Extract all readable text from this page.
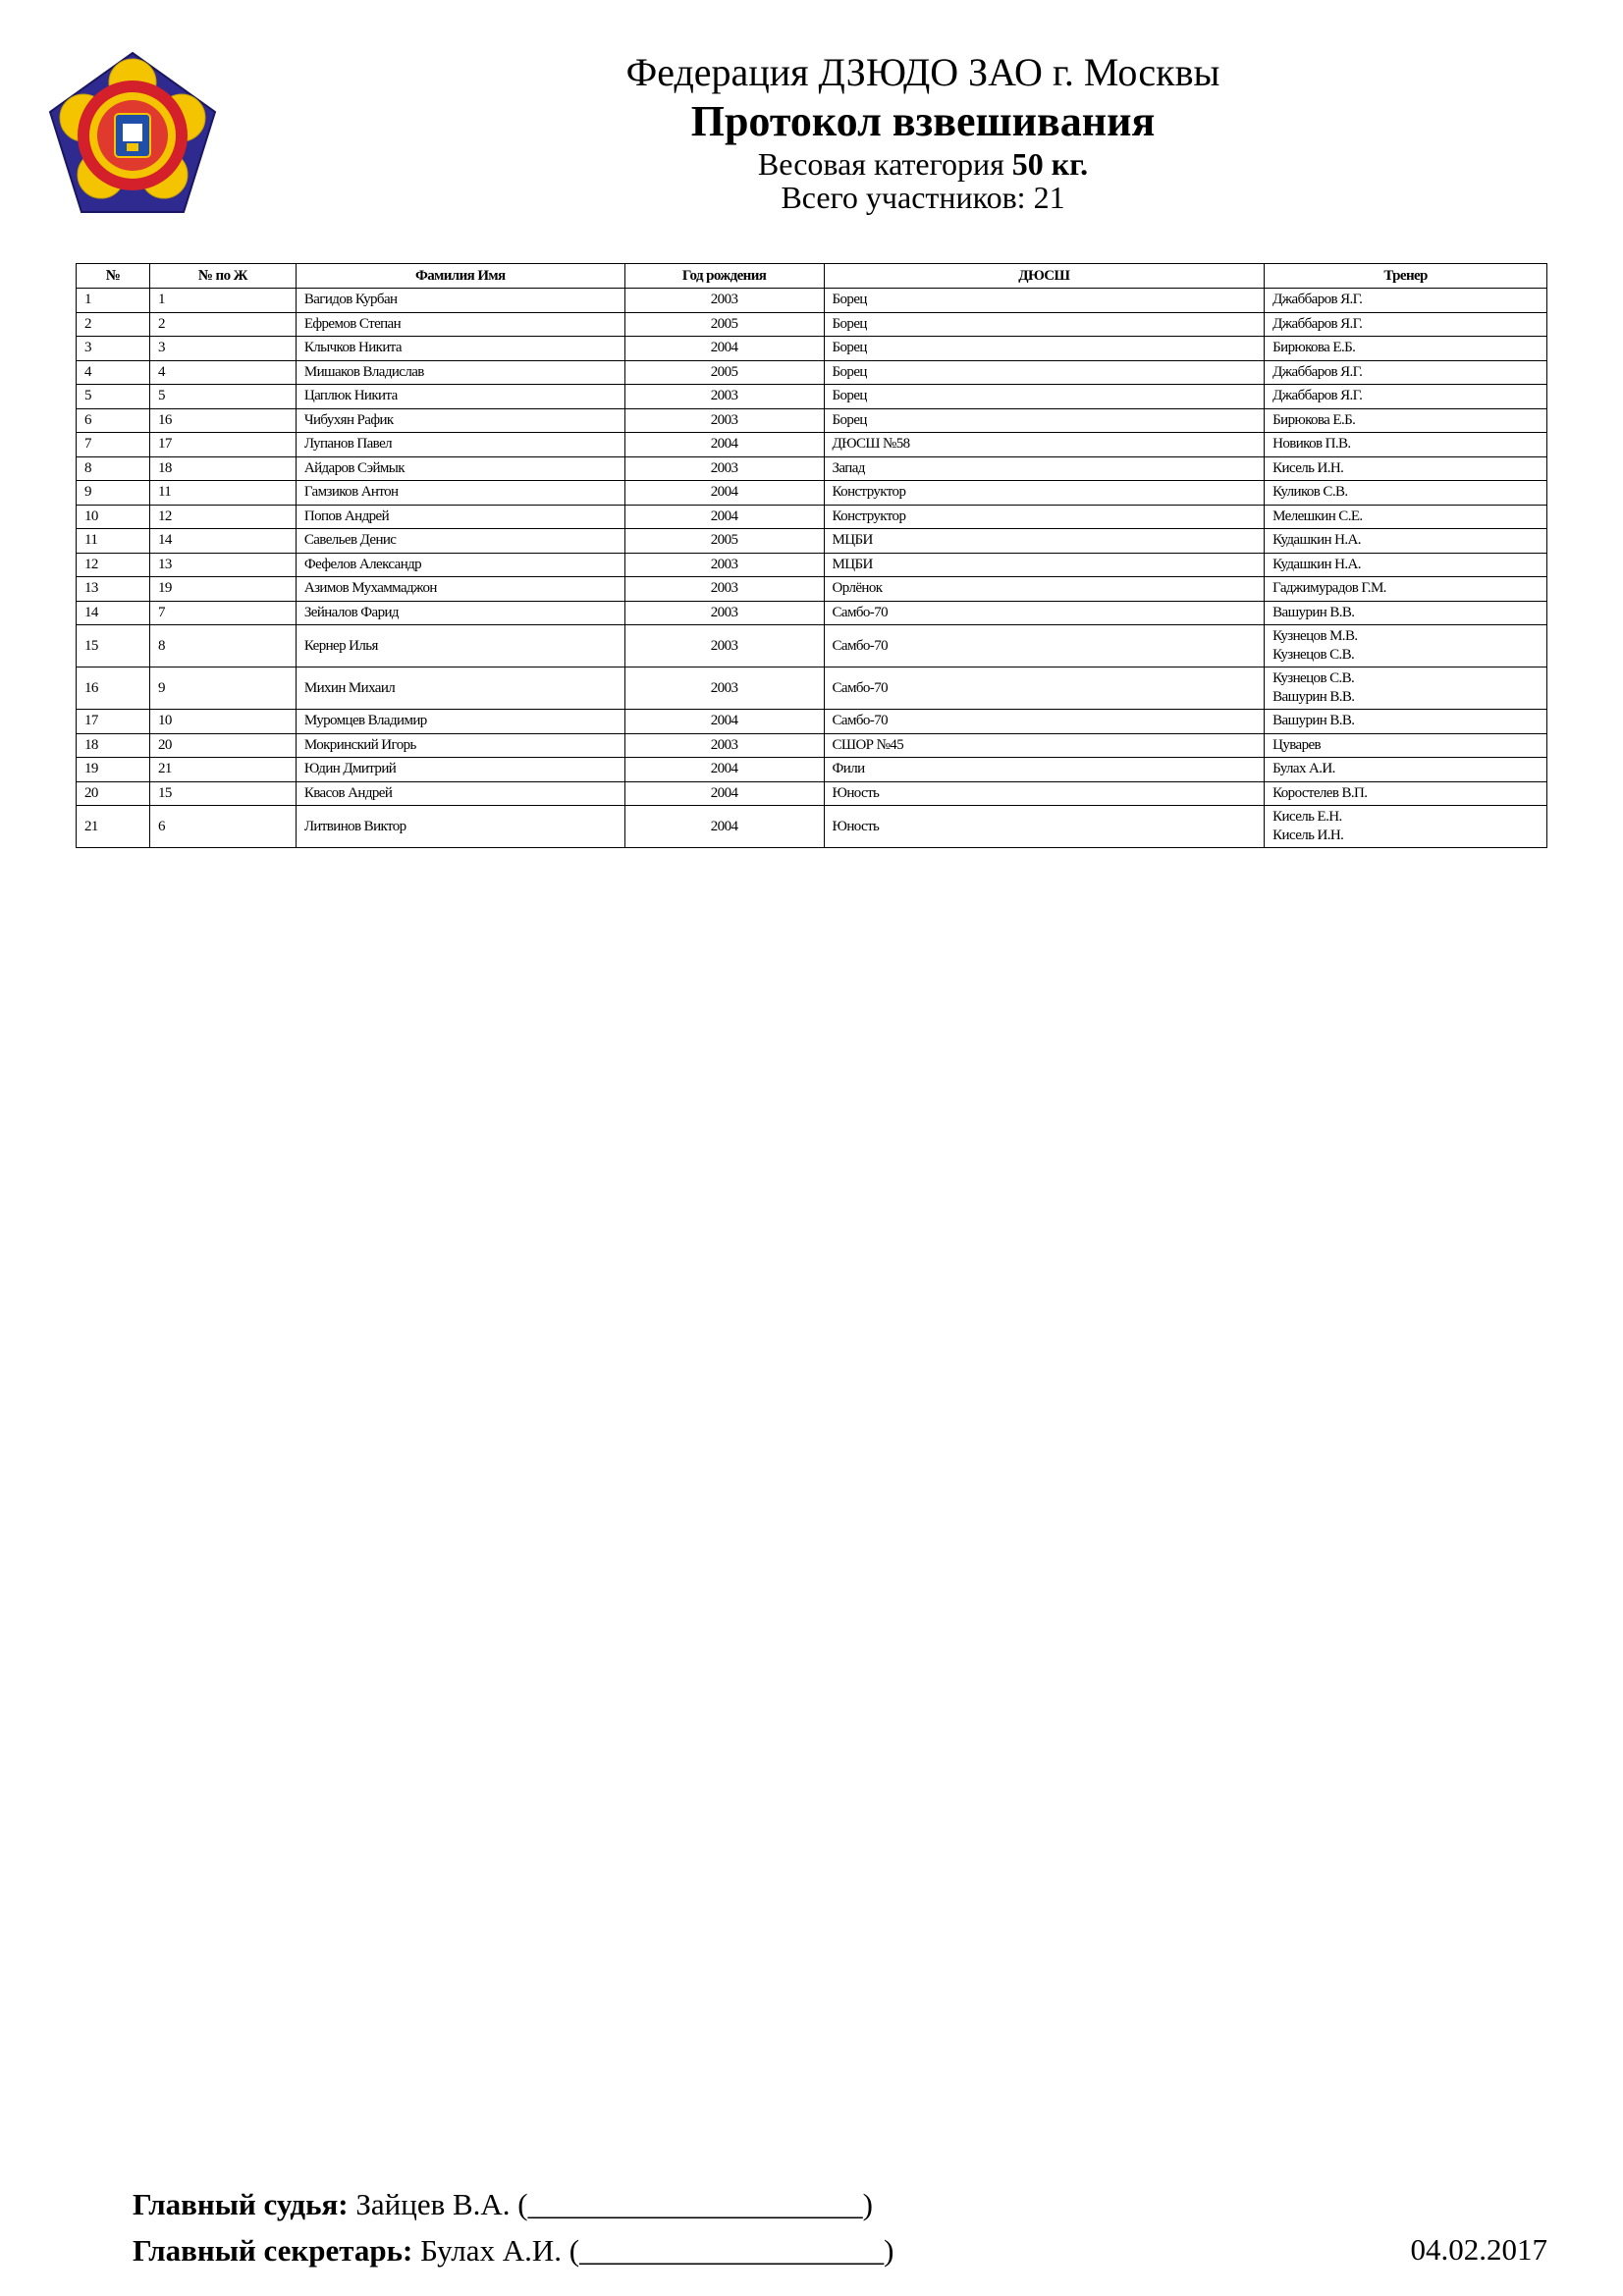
Федерация ДЗЮДО ЗАО г. Москвы
Протокол взвешивания
Весовая категория 50 кг.
Всего участников: 21
№	№ по Ж	Фамилия Имя	Год рождения	ДЮСШ	Тренер
1	1	Вагидов Курбан	2003	Борец	Джаббаров Я.Г.

2	2	Ефремов Степан	2005	Борец	Джаббаров Я.Г.

3	3	Клычков Никита	2004	Борец	Бирюкова Е.Б.

4	4	Мишаков Владислав	2005	Борец	Джаббаров Я.Г.

5	5	Цаплюк Никита	2003	Борец	Джаббаров Я.Г.

6	16	Чибухян Рафик	2003	Борец	Бирюкова Е.Б.

7	17	Лупанов Павел	2004	ДЮСШ №58	Новиков П.В.

8	18	Айдаров Сэймык	2003	Запад	Кисель И.Н.

9	11	Гамзиков Антон	2004	Конструктор	Куликов С.В.

10	12	Попов Андрей	2004	Конструктор	Мелешкин С.Е.

11	14	Савельев Денис	2005	МЦБИ	Кудашкин Н.А.

12	13	Фефелов Александр	2003	МЦБИ	Кудашкин Н.А.

13	19	Азимов Мухаммаджон	2003	Орлёнок	Гаджимурадов Г.М.

14	7	Зейналов Фарид	2003	Самбо-70	Вашурин В.В.

15	8	Кернер Илья	2003	Самбо-70	Кузнецов М.В.
Кузнецов С.В.

16	9	Михин Михаил	2003	Самбо-70	Кузнецов С.В.
Вашурин В.В.

17	10	Муромцев Владимир	2004	Самбо-70	Вашурин В.В.

18	20	Мокринский Игорь	2003	СШОР №45	Цуварев

19	21	Юдин Дмитрий	2004	Фили	Булах А.И.

20	15	Квасов Андрей	2004	Юность	Коростелев В.П.

21	6	Литвинов Виктор	2004	Юность	Кисель Е.Н.
Кисель И.Н.
Главный судья: Зайцев В.А. (______________________)
Главный секретарь: Булах А.И. (____________________)	04.02.2017
